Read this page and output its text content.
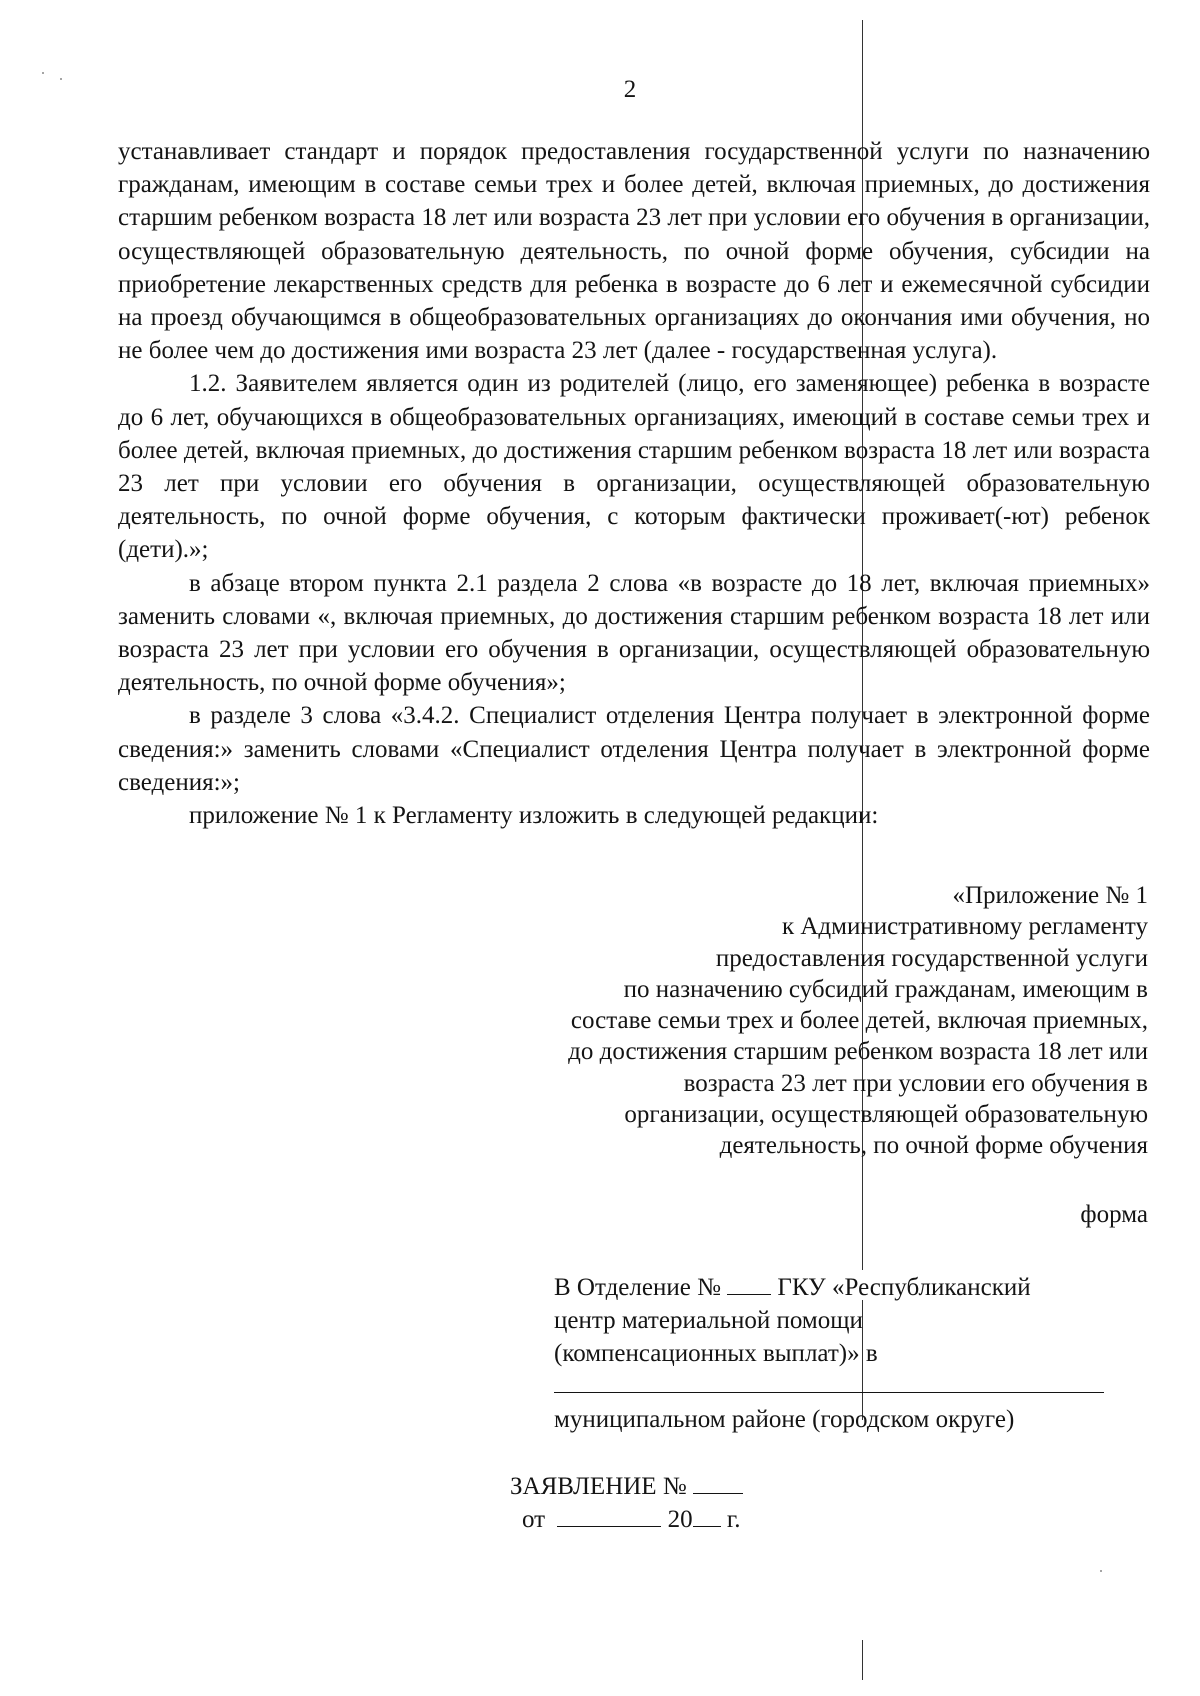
2

устанавливает стандарт и порядок предоставления государственной услуги по назначению гражданам, имеющим в составе семьи трех и более детей, включая приемных, до достижения старшим ребенком возраста 18 лет или возраста 23 лет при условии его обучения в организации, осуществляющей образовательную деятельность, по очной форме обучения, субсидии на приобретение лекарственных средств для ребенка в возрасте до 6 лет и ежемесячной субсидии на проезд обучающимся в общеобразовательных организациях до окончания ими обучения, но не более чем до достижения ими возраста 23 лет (далее - государственная услуга).

1.2. Заявителем является один из родителей (лицо, его заменяющее) ребенка в возрасте до 6 лет, обучающихся в общеобразовательных организациях, имеющий в составе семьи трех и более детей, включая приемных, до достижения старшим ребенком возраста 18 лет или возраста 23 лет при условии его обучения в организации, осуществляющей образовательную деятельность, по очной форме обучения, с которым фактически проживает(-ют) ребенок (дети).»;

в абзаце втором пункта 2.1 раздела 2 слова «в возрасте до 18 лет, включая приемных» заменить словами «, включая приемных, до достижения старшим ребенком возраста 18 лет или возраста 23 лет при условии его обучения в организации, осуществляющей образовательную деятельность, по очной форме обучения»;

в разделе 3 слова «3.4.2. Специалист отделения Центра получает в электронной форме сведения:» заменить словами «Специалист отделения Центра получает в электронной форме сведения:»;

приложение № 1 к Регламенту изложить в следующей редакции:

«Приложение № 1
к Административному регламенту
предоставления государственной услуги
по назначению субсидий гражданам, имеющим в
составе семьи трех и более детей, включая приемных,
до достижения старшим ребенком возраста 18 лет или
возраста 23 лет при условии его обучения в
организации, осуществляющей образовательную
деятельность, по очной форме обучения
форма
В Отделение № ГКУ «Республиканский
центр материальной помощи
(компенсационных выплат)» в
муниципальном районе (городском округе)
ЗАЯВЛЕНИЕ №
от	20 г.
